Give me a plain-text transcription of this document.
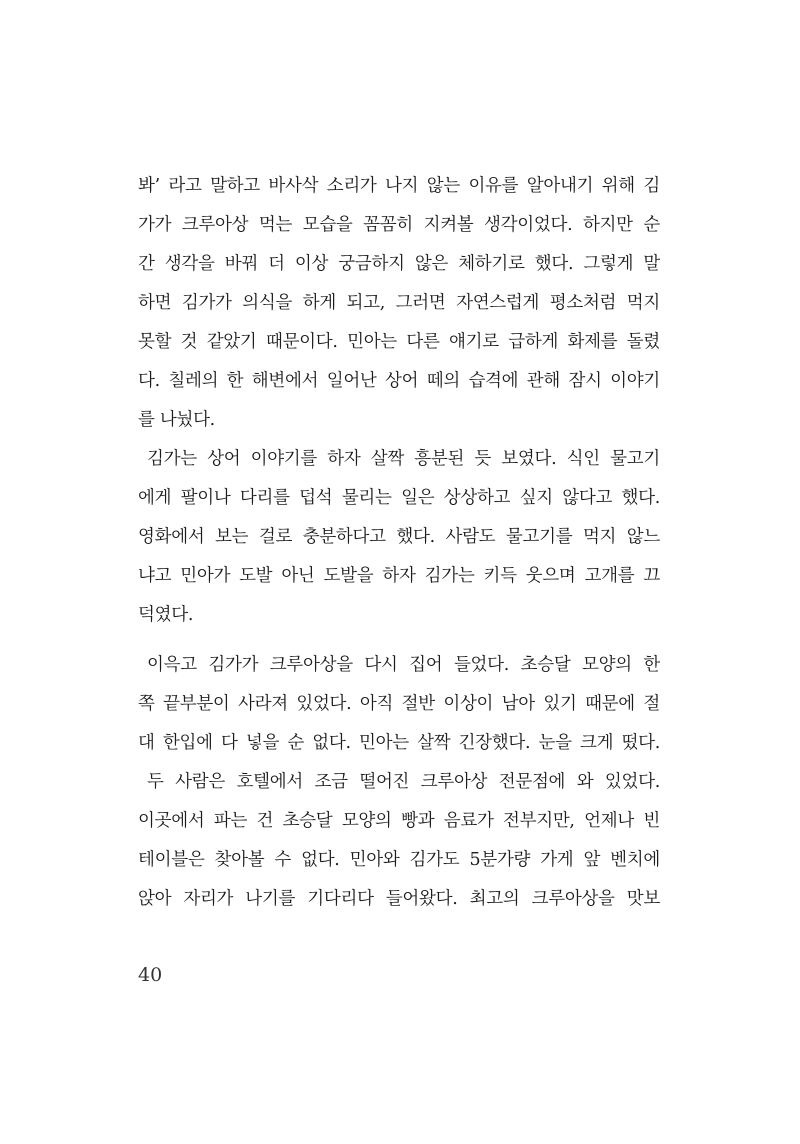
봐’ 라고 말하고 바사삭 소리가 나지 않는 이유를 알아내기 위해 김
가가 크루아상 먹는 모습을 꼼꼼히 지켜볼 생각이었다. 하지만 순
간 생각을 바꿔 더 이상 궁금하지 않은 체하기로 했다. 그렇게 말
하면 김가가 의식을 하게 되고, 그러면 자연스럽게 평소처럼 먹지
못할 것 같았기 때문이다. 민아는 다른 얘기로 급하게 화제를 돌렸
다. 칠레의 한 해변에서 일어난 상어 떼의 습격에 관해 잠시 이야기
를 나눴다.
김가는 상어 이야기를 하자 살짝 흥분된 듯 보였다. 식인 물고기
에게 팔이나 다리를 덥석 물리는 일은 상상하고 싶지 않다고 했다.
영화에서 보는 걸로 충분하다고 했다. 사람도 물고기를 먹지 않느
냐고 민아가 도발 아닌 도발을 하자 김가는 키득 웃으며 고개를 끄
덕였다.
이윽고 김가가 크루아상을 다시 집어 들었다. 초승달 모양의 한
쪽 끝부분이 사라져 있었다. 아직 절반 이상이 남아 있기 때문에 절
대 한입에 다 넣을 순 없다. 민아는 살짝 긴장했다. 눈을 크게 떴다.
두 사람은 호텔에서 조금 떨어진 크루아상 전문점에 와 있었다.
이곳에서 파는 건 초승달 모양의 빵과 음료가 전부지만, 언제나 빈
테이블은 찾아볼 수 없다. 민아와 김가도 5분가량 가게 앞 벤치에
앉아 자리가 나기를 기다리다 들어왔다. 최고의 크루아상을 맛보
40
